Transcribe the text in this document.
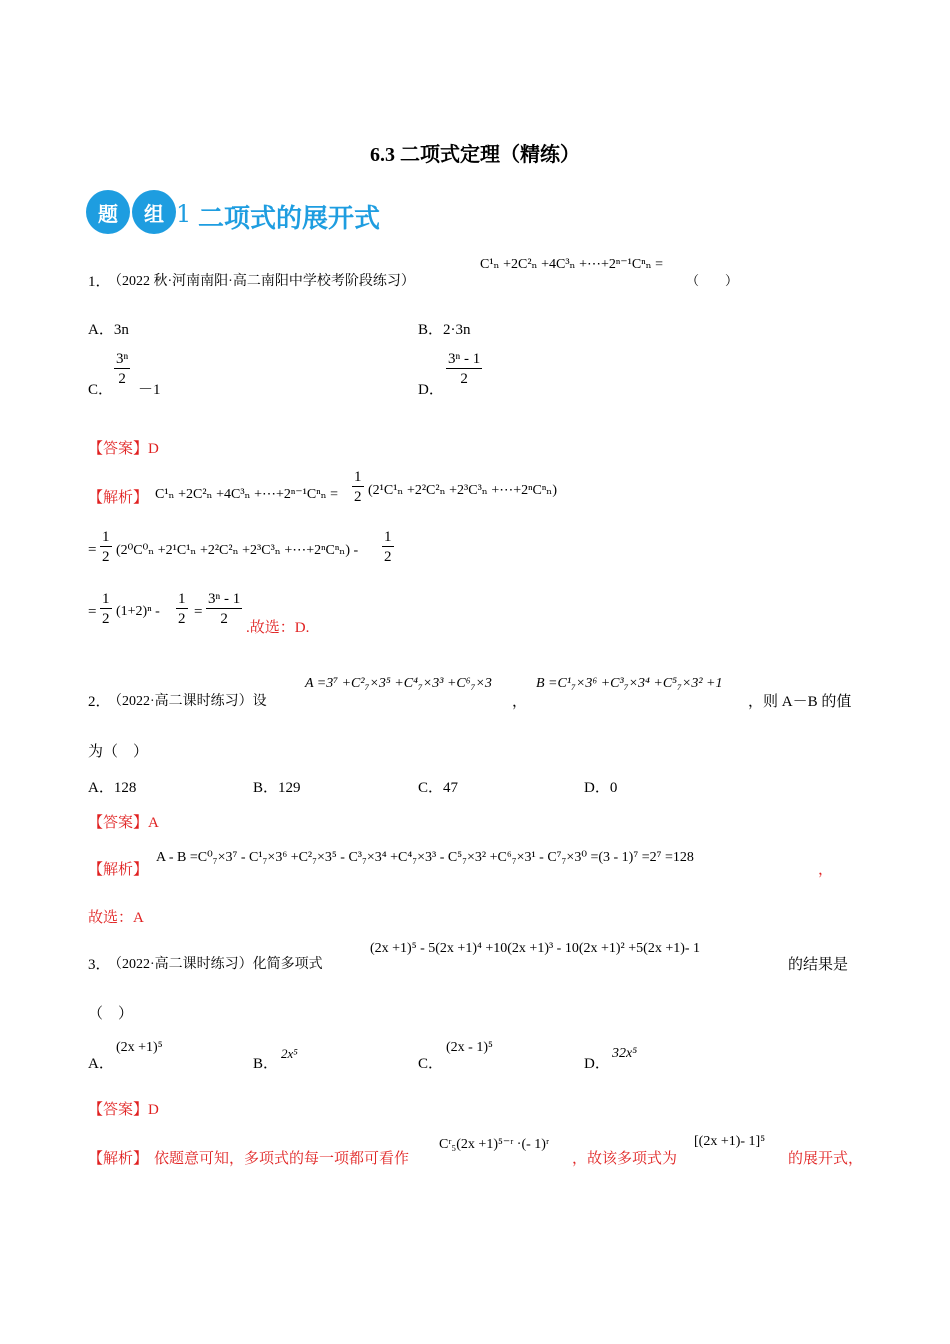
6.3 二项式定理（精练）
题	组 1 二项式的展开式
1．
（2022 秋·河南南阳·高二南阳中学校考阶段练习）
C¹ₙ +2C²ₙ +4C³ₙ +⋯+2ⁿ⁻¹Cⁿₙ =
（　　）
A．3n	B．2·3n
C．
$\frac{\text{3ⁿ}}{2}$
－1	D．
$\frac{\text{3ⁿ - 1}}{2}$
【答案】D
【解析】 C¹ₙ +2C²ₙ +4C³ₙ +⋯+2ⁿ⁻¹Cⁿₙ = $\frac{1}{2} (2^1C^1_n +2^2C^2_n +2^3C^3_n$ +⋯+2ⁿCⁿₙ)
= $\frac{1}{2} (2^0C^0_n +2^1C^1_n +2^2C^2_n +2^3C^3_n$ +⋯+2ⁿCⁿₙ) - $\frac{1}{2}$
= $\frac{1}{2} (1+2)^n - \frac{1}{2} = \frac{\text{3ⁿ - 1}}{2}$ .故选：D.
2．
（2022·高二课时练习）设
A =3⁷ +C²₇×3⁵ +C⁴₇×3³ +C⁶₇×3
，
B =C¹₇×3⁶ +C³₇×3⁴ +C⁵₇×3² +1
，则 A－B 的值
为（　）
A．128	B．129	C．47	D．0
【答案】A
【解析】
A - B =C⁰₇×3⁷ - C¹₇×3⁶ +C²₇×3⁵ - C³₇×3⁴ +C⁴₇×3³ - C⁵₇×3² +C⁶₇×3¹ - C⁷₇×3⁰ =(3 - 1)⁷ =2⁷ =128
，
故选：A
3．
（2022·高二课时练习）化简多项式
(2x +1)⁵ - 5(2x +1)⁴ +10(2x +1)³ - 10(2x +1)² +5(2x +1)- 1
的结果是
（　）
A．
(2x +1)⁵
B．
2x⁵
C．
(2x - 1)⁵
D．
32x⁵
【答案】D
【解析】 依题意可知，多项式的每一项都可看作
Cʳ₅(2x +1)⁵⁻ʳ ·(- 1)ʳ
，故该多项式为
[(2x +1)- 1]⁵
的展开式，
